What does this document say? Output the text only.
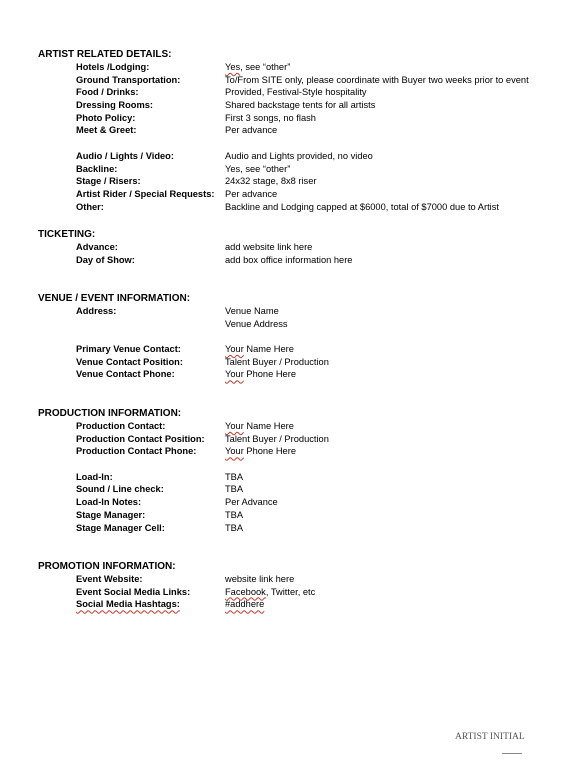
ARTIST RELATED DETAILS:
Hotels /Lodging:	Yes, see “other”
Ground Transportation:	To/From SITE only, please coordinate with Buyer two weeks prior to event
Food / Drinks:	Provided, Festival-Style hospitality
Dressing Rooms:	Shared backstage tents for all artists
Photo Policy:	First 3 songs, no flash
Meet & Greet:	Per advance
Audio / Lights / Video:	Audio and Lights provided, no video
Backline:	Yes, see “other”
Stage / Risers:	24x32 stage, 8x8 riser
Artist Rider / Special Requests:	Per advance
Other:	Backline and Lodging capped at $6000, total of $7000 due to Artist
TICKETING:
Advance:	add website link here
Day of Show:	add box office information here
VENUE / EVENT INFORMATION:
Address:	Venue Name
Venue Address
Primary Venue Contact:	Your Name Here
Venue Contact Position:	Talent Buyer / Production
Venue Contact Phone:	Your Phone Here
PRODUCTION INFORMATION:
Production Contact:	Your Name Here
Production Contact Position:	Talent Buyer / Production
Production Contact Phone:	Your Phone Here
Load-In:	TBA
Sound / Line check:	TBA
Load-In Notes:	Per Advance
Stage Manager:	TBA
Stage Manager Cell:	TBA
PROMOTION INFORMATION:
Event Website:	website link here
Event Social Media Links:	Facebook, Twitter, etc
Social Media Hashtags:	#addhere
ARTIST INITIAL
